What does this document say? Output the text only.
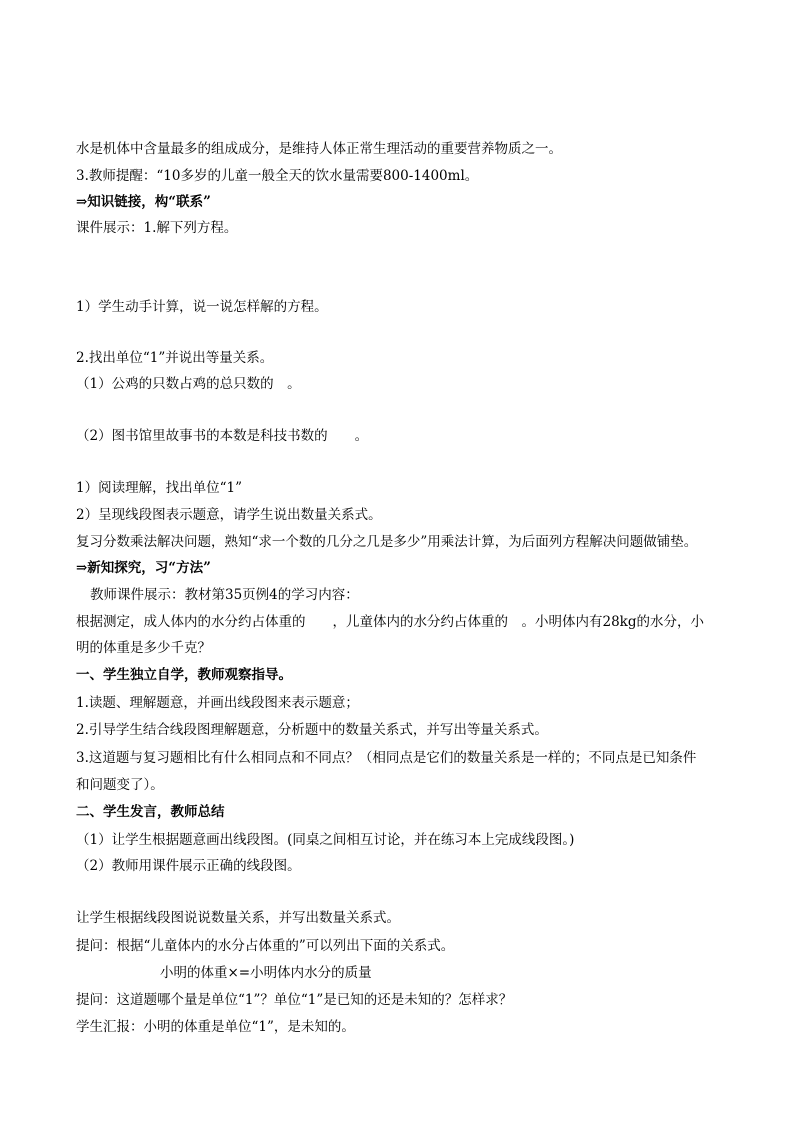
水是机体中含量最多的组成成分，是维持人体正常生理活动的重要营养物质之一。
3.教师提醒：“10多岁的儿童一般全天的饮水量需要800-1400ml。
⇒知识链接，构“联系”
课件展示：1.解下列方程。
1）学生动手计算，说一说怎样解的方程。
2.找出单位“1”并说出等量关系。
（1）公鸡的只数占鸡的总只数的　。
（2）图书馆里故事书的本数是科技书数的　　。
1）阅读理解，找出单位“1”
2）呈现线段图表示题意，请学生说出数量关系式。
复习分数乘法解决问题，熟知“求一个数的几分之几是多少”用乘法计算，为后面列方程解决问题做铺垫。
⇒新知探究，习“方法”
教师课件展示：教材第35页例4的学习内容：
根据测定，成人体内的水分约占体重的　　，儿童体内的水分约占体重的　。小明体内有28kg的水分，小
明的体重是多少千克？
一、学生独立自学，教师观察指导。
1.读题、理解题意，并画出线段图来表示题意；
2.引导学生结合线段图理解题意，分析题中的数量关系式，并写出等量关系式。
3.这道题与复习题相比有什么相同点和不同点？（相同点是它们的数量关系是一样的；不同点是已知条件
和问题变了）。
二、学生发言，教师总结
（1）让学生根据题意画出线段图。(同桌之间相互讨论，并在练习本上完成线段图。)
（2）教师用课件展示正确的线段图。
让学生根据线段图说说数量关系，并写出数量关系式。
提问：根据“儿童体内的水分占体重的”可以列出下面的关系式。
小明的体重×=小明体内水分的质量
提问：这道题哪个量是单位“1”？单位“1”是已知的还是未知的？怎样求？
学生汇报：小明的体重是单位“1”，是未知的。
